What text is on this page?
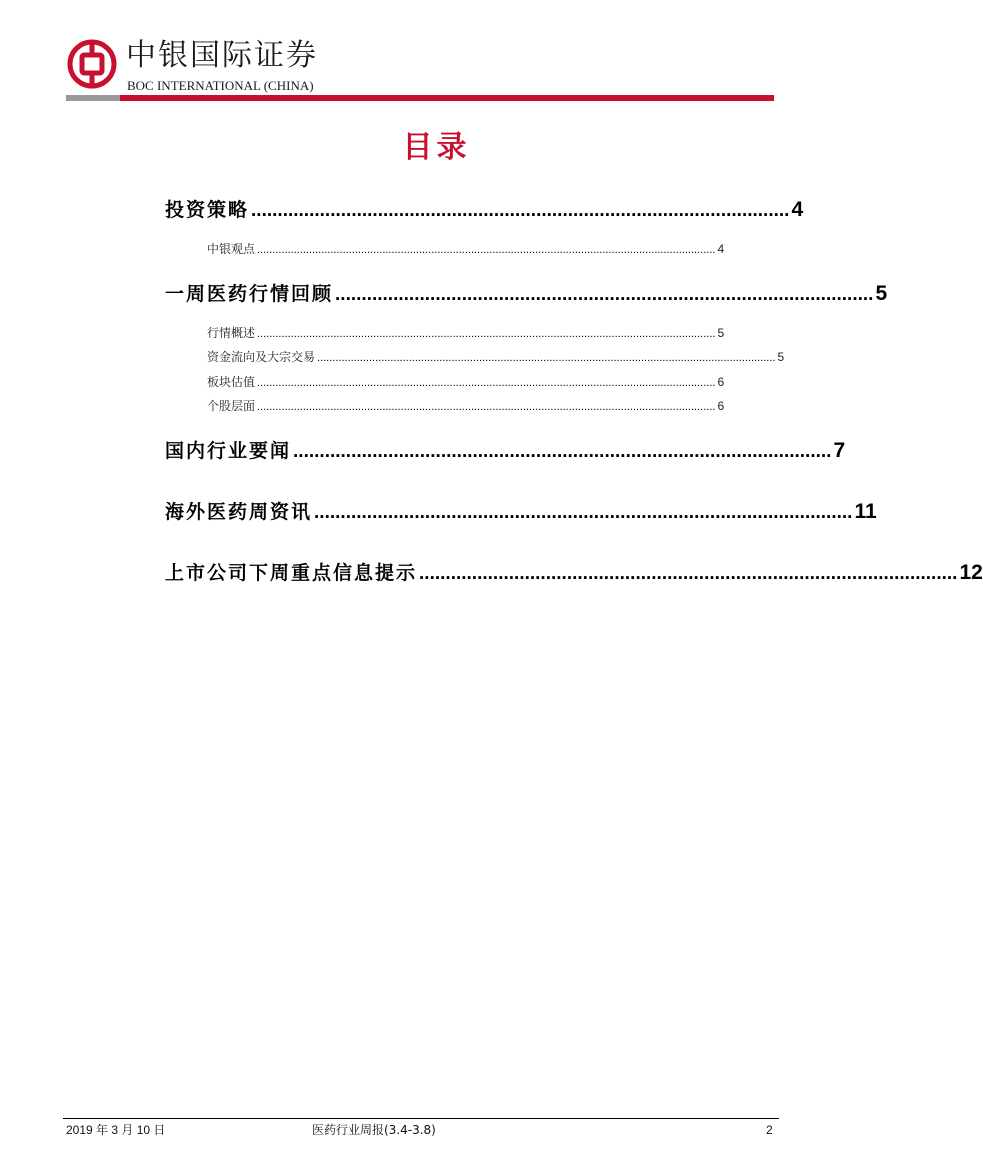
中银国际证券
BOC INTERNATIONAL (CHINA)
目录
投资策略 ...................................................................................................... 4
中银观点 ...................................................................................................................................................... 4
一周医药行情回顾 ...................................................................................................... 5
行情概述 ...................................................................................................................................................... 5
资金流向及大宗交易 ...................................................................................................................................................... 5
板块估值 ...................................................................................................................................................... 6
个股层面 ...................................................................................................................................................... 6
国内行业要闻 ...................................................................................................... 7
海外医药周资讯 ...................................................................................................... 11
上市公司下周重点信息提示 ...................................................................................................... 12
2019 年 3 月 10 日	医药行业周报(3.4-3.8)	2
